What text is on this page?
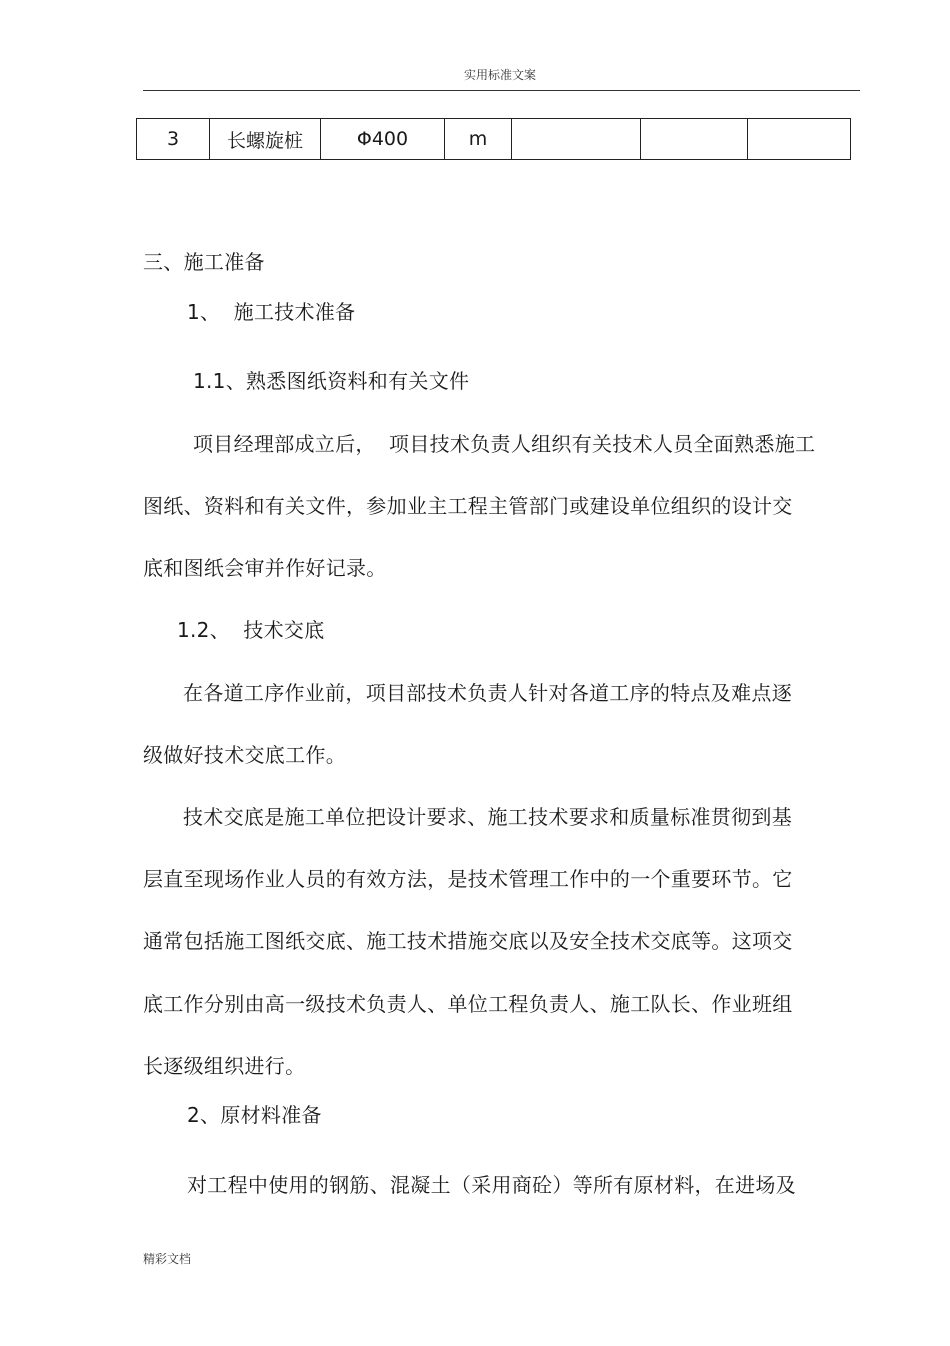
实用标准文案
3	长螺旋桩	Φ400	m			
三、施工准备
1、  施工技术准备
1.1、熟悉图纸资料和有关文件
项目经理部成立后，  项目技术负责人组织有关技术人员全面熟悉施工
图纸、资料和有关文件，参加业主工程主管部门或建设单位组织的设计交
底和图纸会审并作好记录。
1.2、  技术交底
在各道工序作业前，项目部技术负责人针对各道工序的特点及难点逐
级做好技术交底工作。
技术交底是施工单位把设计要求、施工技术要求和质量标准贯彻到基
层直至现场作业人员的有效方法，是技术管理工作中的一个重要环节。它
通常包括施工图纸交底、施工技术措施交底以及安全技术交底等。这项交
底工作分别由高一级技术负责人、单位工程负责人、施工队长、作业班组
长逐级组织进行。
2、原材料准备
对工程中使用的钢筋、混凝土（采用商砼）等所有原材料，在进场及
精彩文档
